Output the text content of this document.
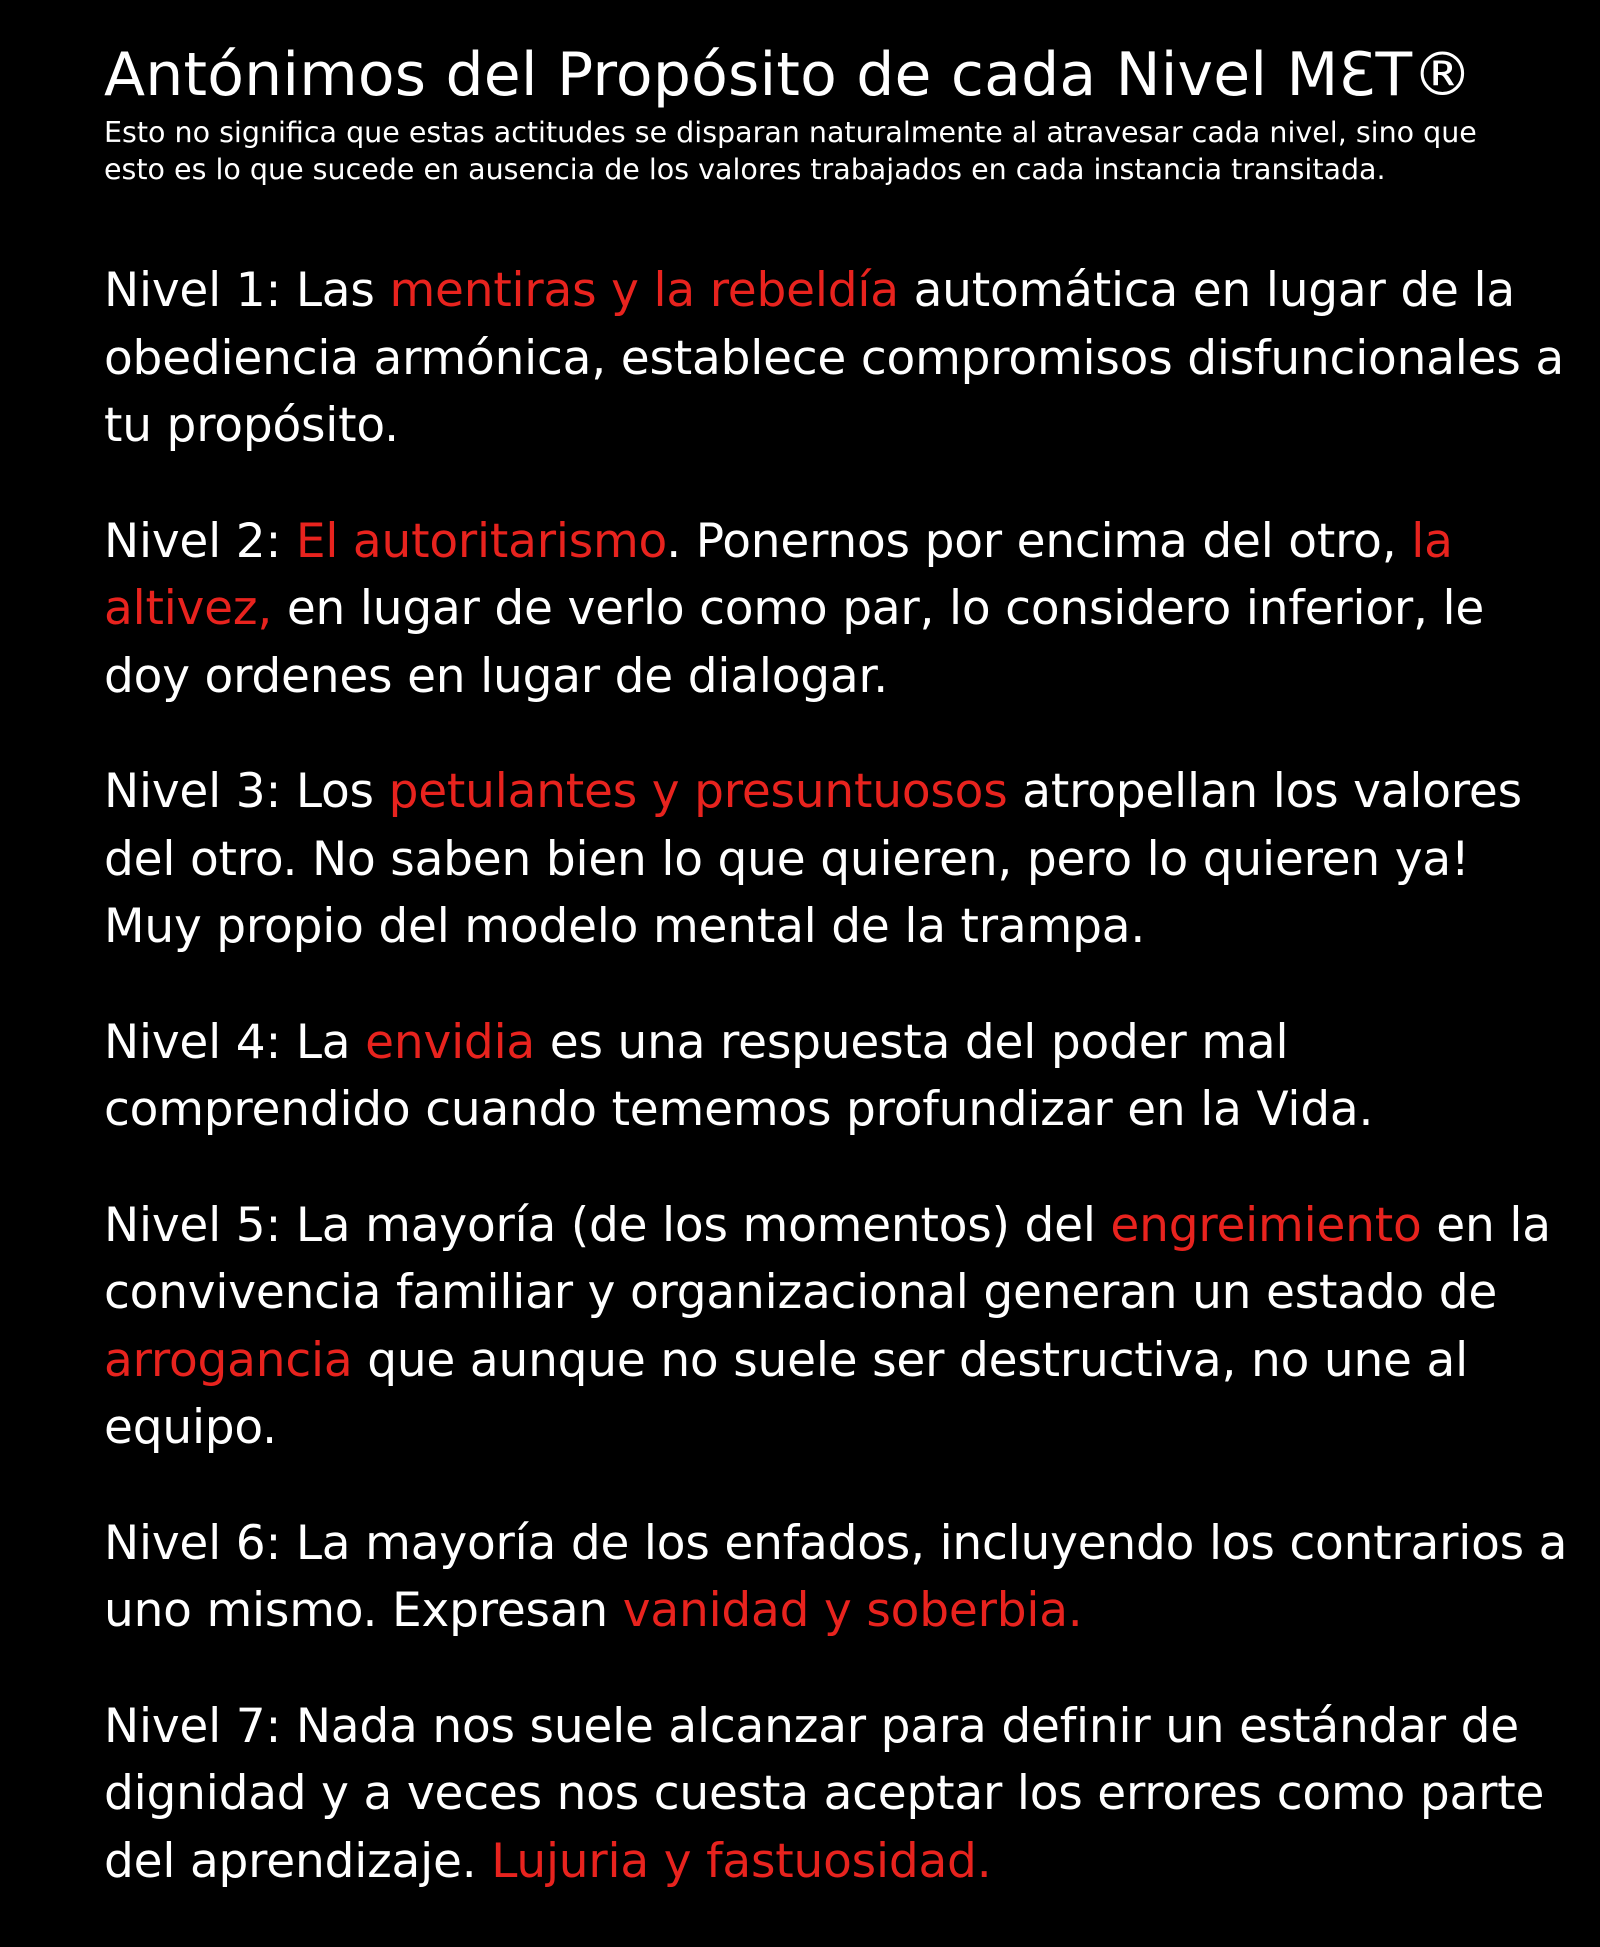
Antónimos del Propósito de cada Nivel MƐT®

Esto no significa que estas actitudes se disparan naturalmente al atravesar cada nivel, sino que esto es lo que sucede en ausencia de los valores trabajados en cada instancia transitada.

Nivel 1: Las mentiras y la rebeldía automática en lugar de la obediencia armónica, establece compromisos disfuncionales a tu propósito.

Nivel 2: El autoritarismo. Ponernos por encima del otro, la altivez, en lugar de verlo como par, lo considero inferior, le doy ordenes en lugar de dialogar.

Nivel 3: Los petulantes y presuntuosos atropellan los valores del otro. No saben bien lo que quieren, pero lo quieren ya! Muy propio del modelo mental de la trampa.

Nivel 4: La envidia es una respuesta del poder mal comprendido cuando tememos profundizar en la Vida.

Nivel 5: La mayoría (de los momentos) del engreimiento en la convivencia familiar y organizacional generan un estado de arrogancia que aunque no suele ser destructiva, no une al equipo.

Nivel 6: La mayoría de los enfados, incluyendo los contrarios a uno mismo. Expresan vanidad y soberbia.

Nivel 7: Nada nos suele alcanzar para definir un estándar de dignidad y a veces nos cuesta aceptar los errores como parte del aprendizaje. Lujuria y fastuosidad.
